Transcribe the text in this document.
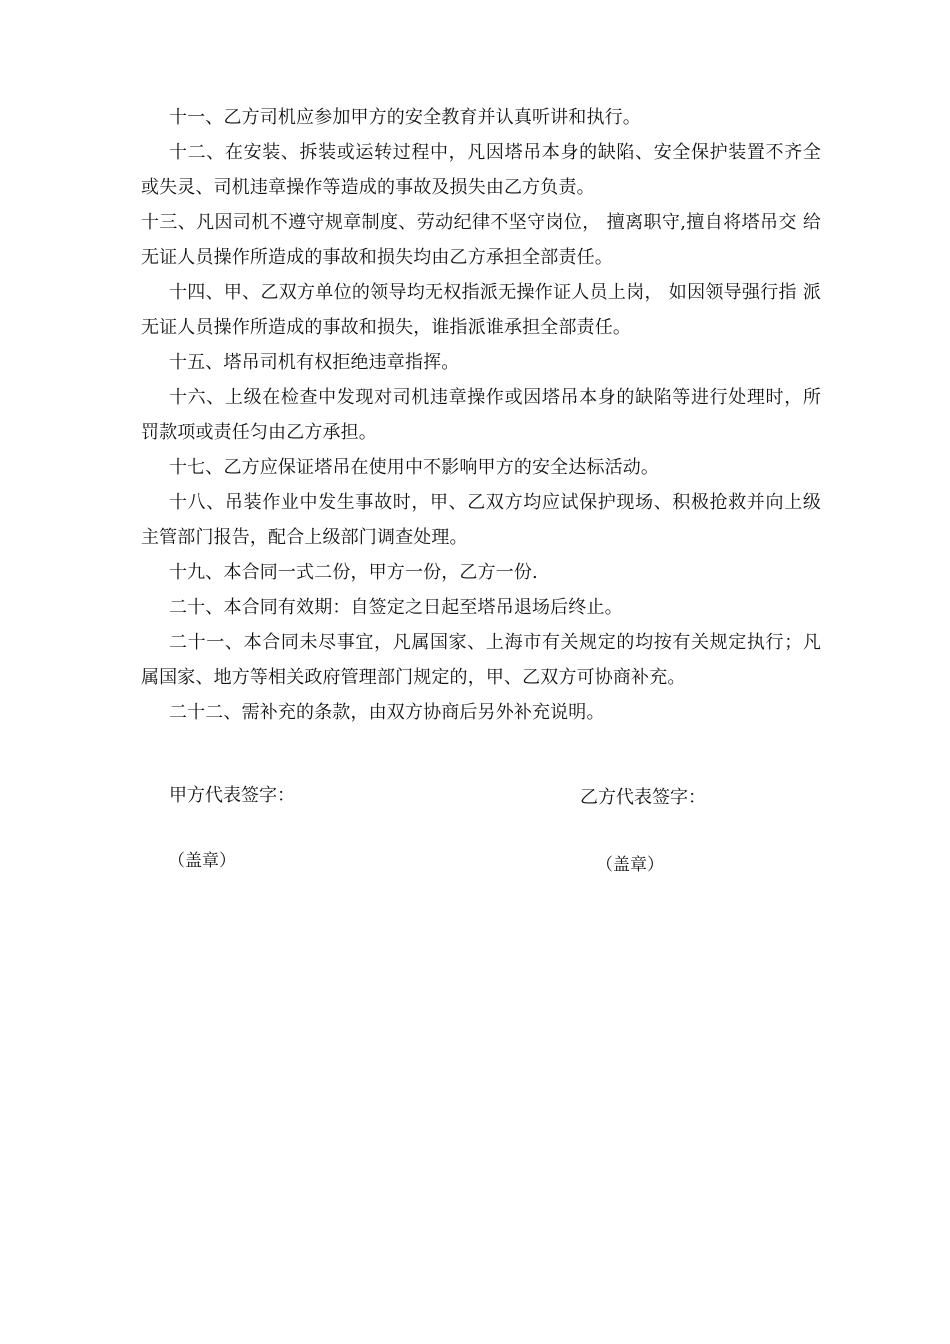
十一、乙方司机应参加甲方的安全教育并认真听讲和执行。

十二、在安装、拆装或运转过程中，凡因塔吊本身的缺陷、安全保护装置不齐全或失灵、司机违章操作等造成的事故及损失由乙方负责。

十三、凡因司机不遵守规章制度、劳动纪律不坚守岗位， 擅离职守,擅自将塔吊交 给无证人员操作所造成的事故和损失均由乙方承担全部责任。

十四、甲、乙双方单位的领导均无权指派无操作证人员上岗， 如因领导强行指 派无证人员操作所造成的事故和损失，谁指派谁承担全部责任。

十五、塔吊司机有权拒绝违章指挥。

十六、上级在检查中发现对司机违章操作或因塔吊本身的缺陷等进行处理时，所罚款项或责任匀由乙方承担。

十七、乙方应保证塔吊在使用中不影响甲方的安全达标活动。

十八、吊装作业中发生事故时，甲、乙双方均应试保护现场、积极抢救并向上级主管部门报告，配合上级部门调查处理。

十九、本合同一式二份，甲方一份，乙方一份.

二十、本合同有效期：自签定之日起至塔吊退场后终止。

二十一、本合同未尽事宜，凡属国家、上海市有关规定的均按有关规定执行；凡属国家、地方等相关政府管理部门规定的，甲、乙双方可协商补充。

二十二、需补充的条款，由双方协商后另外补充说明。

甲方代表签字：	乙方代表签字：
（盖章）	（盖章）
